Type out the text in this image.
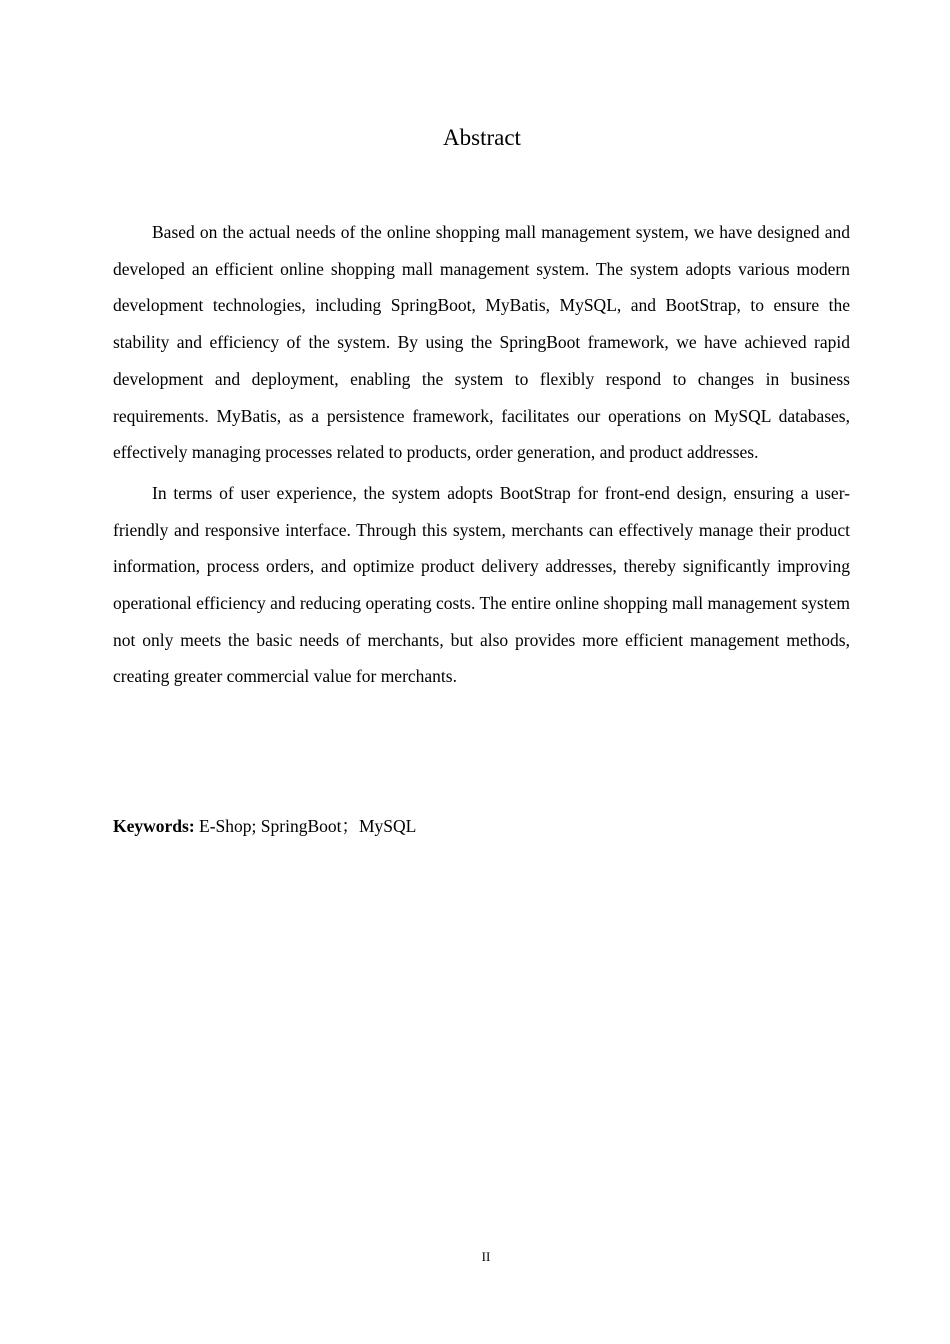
Abstract

Based on the actual needs of the online shopping mall management system, we have designed and developed an efficient online shopping mall management system. The system adopts various modern development technologies, including SpringBoot, MyBatis, MySQL, and BootStrap, to ensure the stability and efficiency of the system. By using the SpringBoot framework, we have achieved rapid development and deployment, enabling the system to flexibly respond to changes in business requirements. MyBatis, as a persistence framework, facilitates our operations on MySQL databases, effectively managing processes related to products, order generation, and product addresses.

In terms of user experience, the system adopts BootStrap for front-end design, ensuring a user-friendly and responsive interface. Through this system, merchants can effectively manage their product information, process orders, and optimize product delivery addresses, thereby significantly improving operational efficiency and reducing operating costs. The entire online shopping mall management system not only meets the basic needs of merchants, but also provides more efficient management methods, creating greater commercial value for merchants.

Keywords: E-Shop; SpringBoot；MySQL

II
